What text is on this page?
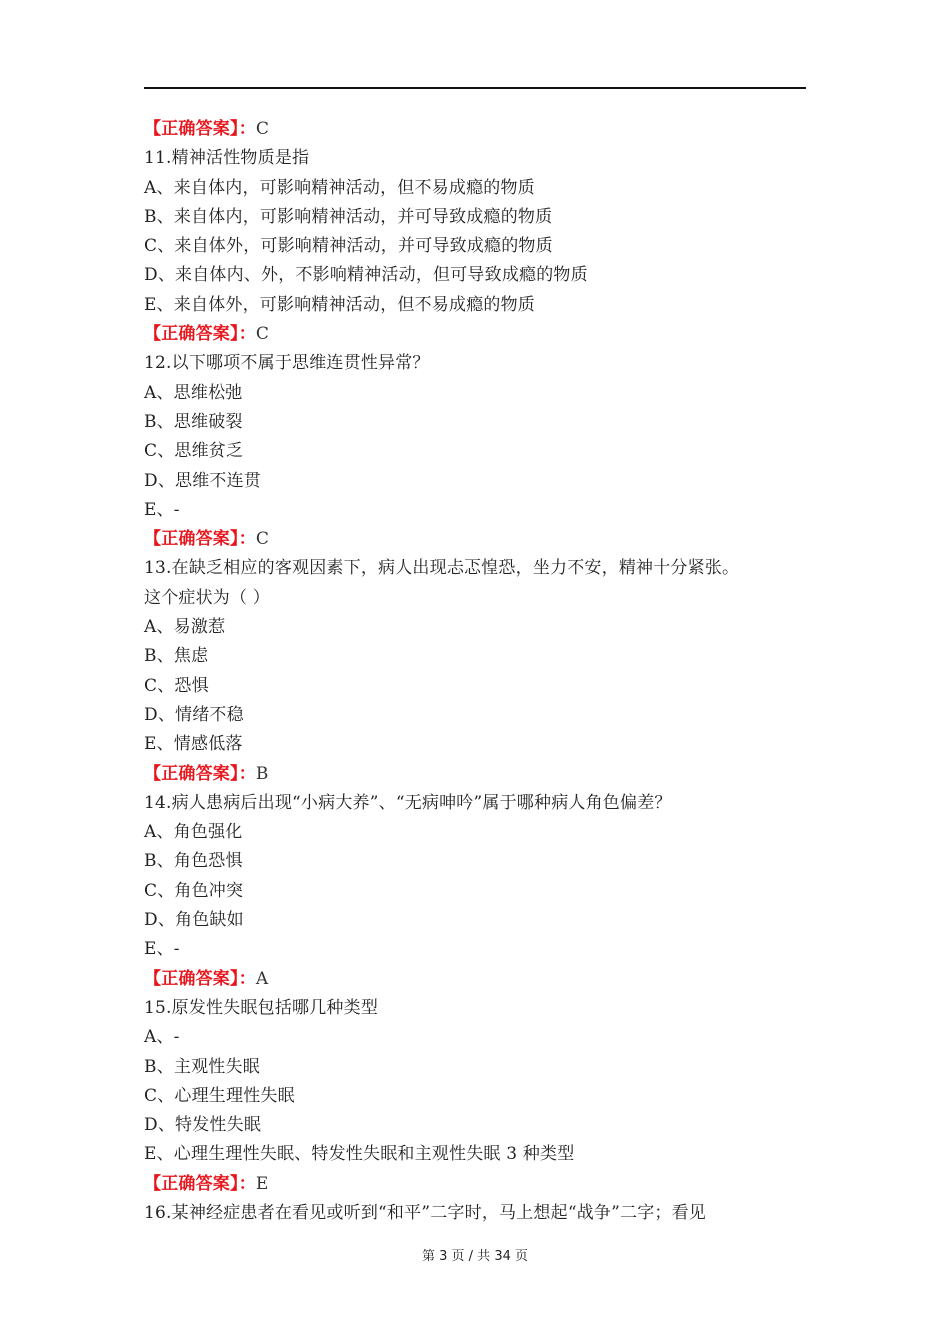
【正确答案】：C
11.精神活性物质是指
A、来自体内，可影响精神活动，但不易成瘾的物质
B、来自体内，可影响精神活动，并可导致成瘾的物质
C、来自体外，可影响精神活动，并可导致成瘾的物质
D、来自体内、外，不影响精神活动，但可导致成瘾的物质
E、来自体外，可影响精神活动，但不易成瘾的物质
【正确答案】：C
12.以下哪项不属于思维连贯性异常？
A、思维松弛
B、思维破裂
C、思维贫乏
D、思维不连贯
E、-
【正确答案】：C
13.在缺乏相应的客观因素下，病人出现忐忑惶恐，坐力不安，精神十分紧张。
这个症状为（ ）
A、易激惹
B、焦虑
C、恐惧
D、情绪不稳
E、情感低落
【正确答案】：B
14.病人患病后出现“小病大养”、“无病呻吟”属于哪种病人角色偏差？
A、角色强化
B、角色恐惧
C、角色冲突
D、角色缺如
E、-
【正确答案】：A
15.原发性失眠包括哪几种类型
A、-
B、主观性失眠
C、心理生理性失眠
D、特发性失眠
E、心理生理性失眠、特发性失眠和主观性失眠 3 种类型
【正确答案】：E
16.某神经症患者在看见或听到“和平”二字时，马上想起“战争”二字；看见
第 3 页 / 共 34 页
